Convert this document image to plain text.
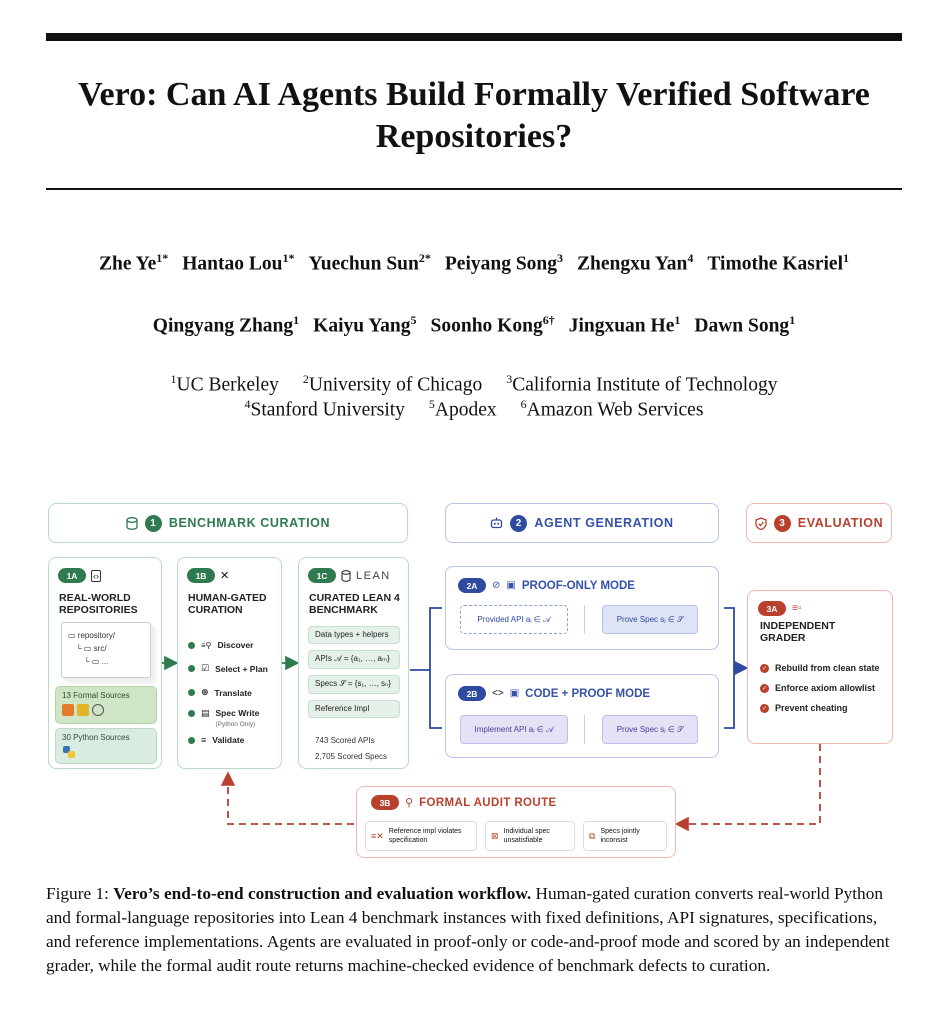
Vero: Can AI Agents Build Formally Verified Software Repositories?
Zhe $Ye^{1*}$ Hantao Lou$^{1*}$ Yuechun Sun$^{2*}$ Peiyang Song$^3$ Zhengxu Yan$^4$ Timothe Kasriel$^1$
Qingyang Zhang$^1$ Kaiyu Yang$^5$ Soonho Kong$^{6\dagger}$ Jingxuan He$^1$ Dawn Song$^1$
$^1$UC Berkeley $^2$University of Chicago $^3$California Institute of Technology
$^4$Stanford University $^5$Apodex $^6$Amazon Web Services
1 BENCHMARK CURATION	2 AGENT GENERATION	3 EVALUATION
1A	‹›
REAL-WORLD REPOSITORIES
▭ repository/
└ ▭ src/
└ ▭ ...
13 Formal Sources
30 Python Sources
1B	✕
HUMAN-GATED CURATION
≡⚲ Discover
☑ Select + Plan
⊕ Translate
▤ Spec Write
(Python Only)
≡ Validate
1C	LEAN
CURATED LEAN 4 BENCHMARK
Data types + helpers
APIs 𝒜 = {a₁, …, aₘ}
Specs 𝒮 = {s₁, …, sₙ}
Reference Impl
743 Scored APIs
2,705 Scored Specs
2A	⊘ ▣ PROOF-ONLY MODE
Provided API aᵢ ∈ 𝒜	Prove Spec sⱼ ∈ 𝒮
2B	<> ▣ CODE + PROOF MODE
Implement API aᵢ ∈ 𝒜	Prove Spec sⱼ ∈ 𝒮
3A	≡▫
INDEPENDENT GRADER
✓ Rebuild from clean state
✓ Enforce axiom allowlist
✓ Prevent cheating
3B	⚲ FORMAL AUDIT ROUTE
≡✕ Reference impl violates specification	⊠ Individual spec unsatisfiable	⧉ Specs jointly inconsist
Figure 1: Vero’s end-to-end construction and evaluation workflow. Human-gated curation converts real-world Python and formal-language repositories into Lean 4 benchmark instances with fixed definitions, API signatures, specifications, and reference implementations. Agents are evaluated in proof-only or code-and-proof mode and scored by an independent grader, while the formal audit route returns machine-checked evidence of benchmark defects to curation.
